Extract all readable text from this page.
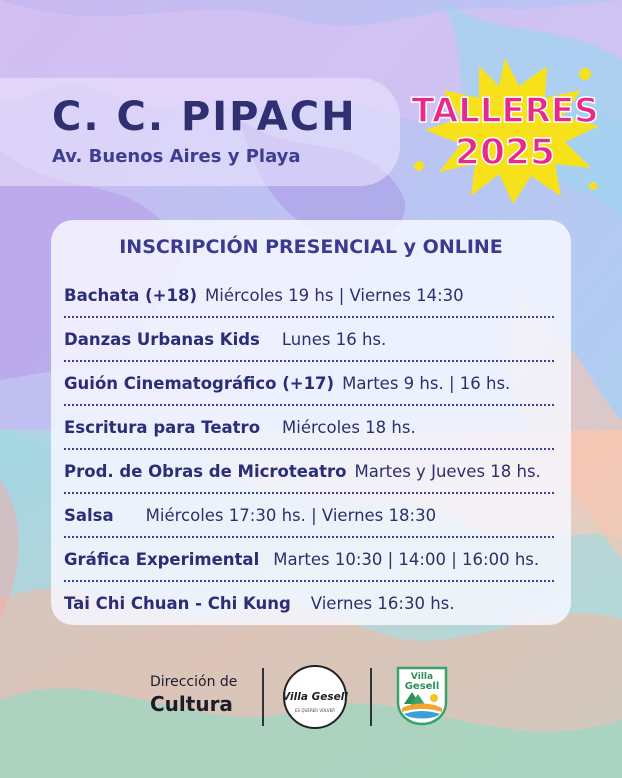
C. C. PIPACH
Av. Buenos Aires y Playa
TALLERES
2025
INSCRIPCIÓN PRESENCIAL y ONLINE
Bachata (+18) Miércoles 19 hs | Viernes 14:30
Danzas Urbanas Kids Lunes 16 hs.
Guión Cinematográfico (+17) Martes 9 hs. | 16 hs.
Escritura para Teatro Miércoles 18 hs.
Prod. de Obras de Microteatro Martes y Jueves 18 hs.
Salsa Miércoles 17:30 hs. | Viernes 18:30
Gráfica Experimental Martes 10:30 | 14:00 | 16:00 hs.
Tai Chi Chuan - Chi Kung Viernes 16:30 hs.
Dirección de
Cultura	Villa Gesell
ES QUERER VOLVER
Villa
Gesell
